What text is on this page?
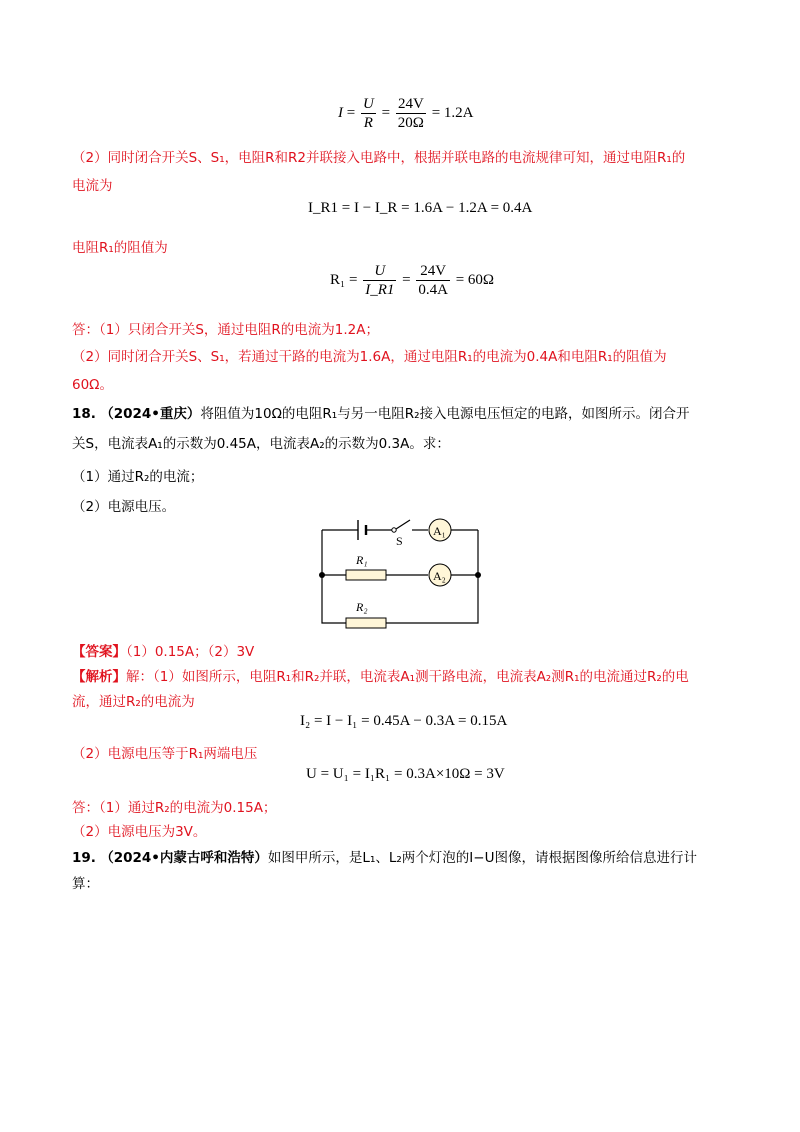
$I = \frac{U}{R} = \frac{24V}{20\Omega} = 1.2A$
（2）同时闭合开关S、S₁，电阻R和R2并联接入电路中，根据并联电路的电流规律可知，通过电阻R₁的
电流为
I_R1 = I − I_R = 1.6A − 1.2A = 0.4A
电阻R₁的阻值为
$R_1 = \frac{U}{I\_R1} = \frac{24V}{0.4A} = 60\Omega$
答：（1）只闭合开关S，通过电阻R的电流为1.2A；
（2）同时闭合开关S、S₁，若通过干路的电流为1.6A，通过电阻R₁的电流为0.4A和电阻R₁的阻值为
60Ω。
18. （2024•重庆）将阻值为10Ω的电阻R₁与另一电阻R₂接入电源电压恒定的电路，如图所示。闭合开
关S，电流表A₁的示数为0.45A，电流表A₂的示数为0.3A。求：
（1）通过R₂的电流；
（2）电源电压。
S
A₁
R₁
A₂
R₂
【答案】（1）0.15A；（2）3V
【解析】解：（1）如图所示，电阻R₁和R₂并联，电流表A₁测干路电流，电流表A₂测R₁的电流通过R₂的电
流，通过R₂的电流为
I₂ = I − I₁ = 0.45A − 0.3A = 0.15A
（2）电源电压等于R₁两端电压
U = U₁ = I₁R₁ = 0.3A×10Ω = 3V
答：（1）通过R₂的电流为0.15A；
（2）电源电压为3V。
19. （2024•内蒙古呼和浩特）如图甲所示，是L₁、L₂两个灯泡的I−U图像，请根据图像所给信息进行计
算：
